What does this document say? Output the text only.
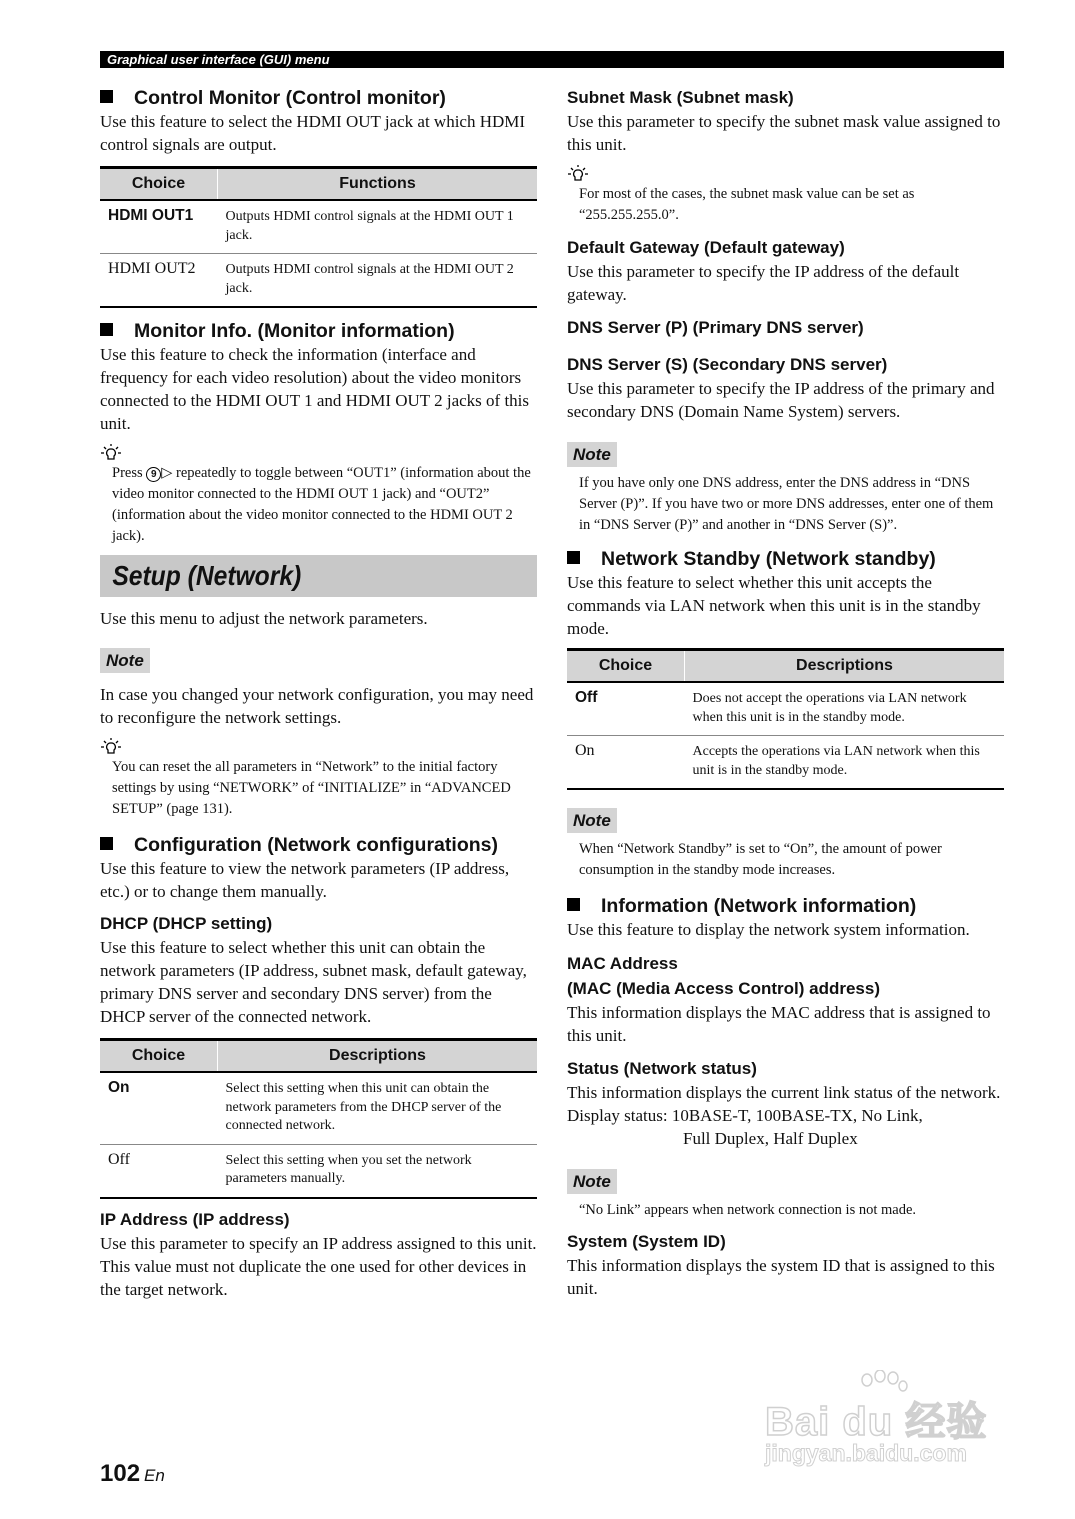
Graphical user interface (GUI) menu
Control Monitor (Control monitor)

Use this feature to select the HDMI OUT jack at which HDMI control signals are output.

Choice	Functions
HDMI OUT1	Outputs HDMI control signals at the HDMI OUT 1 jack.
HDMI OUT2	Outputs HDMI control signals at the HDMI OUT 2 jack.
Monitor Info. (Monitor information)

Use this feature to check the information (interface and frequency for each video resolution) about the video monitors connected to the HDMI OUT 1 and HDMI OUT 2 jacks of this unit.

Press 9 ▷ repeatedly to toggle between “OUT1” (information about the video monitor connected to the HDMI OUT 1 jack) and “OUT2” (information about the video monitor connected to the HDMI OUT 2 jack).

Setup (Network)

Use this menu to adjust the network parameters.

Note

In case you changed your network configuration, you may need to reconfigure the network settings.

You can reset the all parameters in “Network” to the initial factory settings by using “NETWORK” of “INITIALIZE” in “ADVANCED SETUP” (page 131).

Configuration (Network configurations)

Use this feature to view the network parameters (IP address, etc.) or to change them manually.

DHCP (DHCP setting)

Use this feature to select whether this unit can obtain the network parameters (IP address, subnet mask, default gateway, primary DNS server and secondary DNS server) from the DHCP server of the connected network.

Choice	Descriptions
On	Select this setting when this unit can obtain the network parameters from the DHCP server of the connected network.
Off	Select this setting when you set the network parameters manually.
IP Address (IP address)

Use this parameter to specify an IP address assigned to this unit. This value must not duplicate the one used for other devices in the target network.

Subnet Mask (Subnet mask)

Use this parameter to specify the subnet mask value assigned to this unit.

For most of the cases, the subnet mask value can be set as “255.255.255.0”.

Default Gateway (Default gateway)

Use this parameter to specify the IP address of the default gateway.

DNS Server (P) (Primary DNS server)
DNS Server (S) (Secondary DNS server)

Use this parameter to specify the IP address of the primary and secondary DNS (Domain Name System) servers.

Note

If you have only one DNS address, enter the DNS address in “DNS Server (P)”. If you have two or more DNS addresses, enter one of them in “DNS Server (P)” and another in “DNS Server (S)”.

Network Standby (Network standby)

Use this feature to select whether this unit accepts the commands via LAN network when this unit is in the standby mode.

Choice	Descriptions
Off	Does not accept the operations via LAN network when this unit is in the standby mode.
On	Accepts the operations via LAN network when this unit is in the standby mode.
Note

When “Network Standby” is set to “On”, the amount of power consumption in the standby mode increases.

Information (Network information)

Use this feature to display the network system information.

MAC Address
(MAC (Media Access Control) address)

This information displays the MAC address that is assigned to this unit.

Status (Network status)

This information displays the current link status of the network.

Display status: 10BASE-T, 100BASE-TX, No Link,

Full Duplex, Half Duplex

Note

“No Link” appears when network connection is not made.

System (System ID)

This information displays the system ID that is assigned to this unit.

102 En
Bai du 经验
jingyan.baidu.com
